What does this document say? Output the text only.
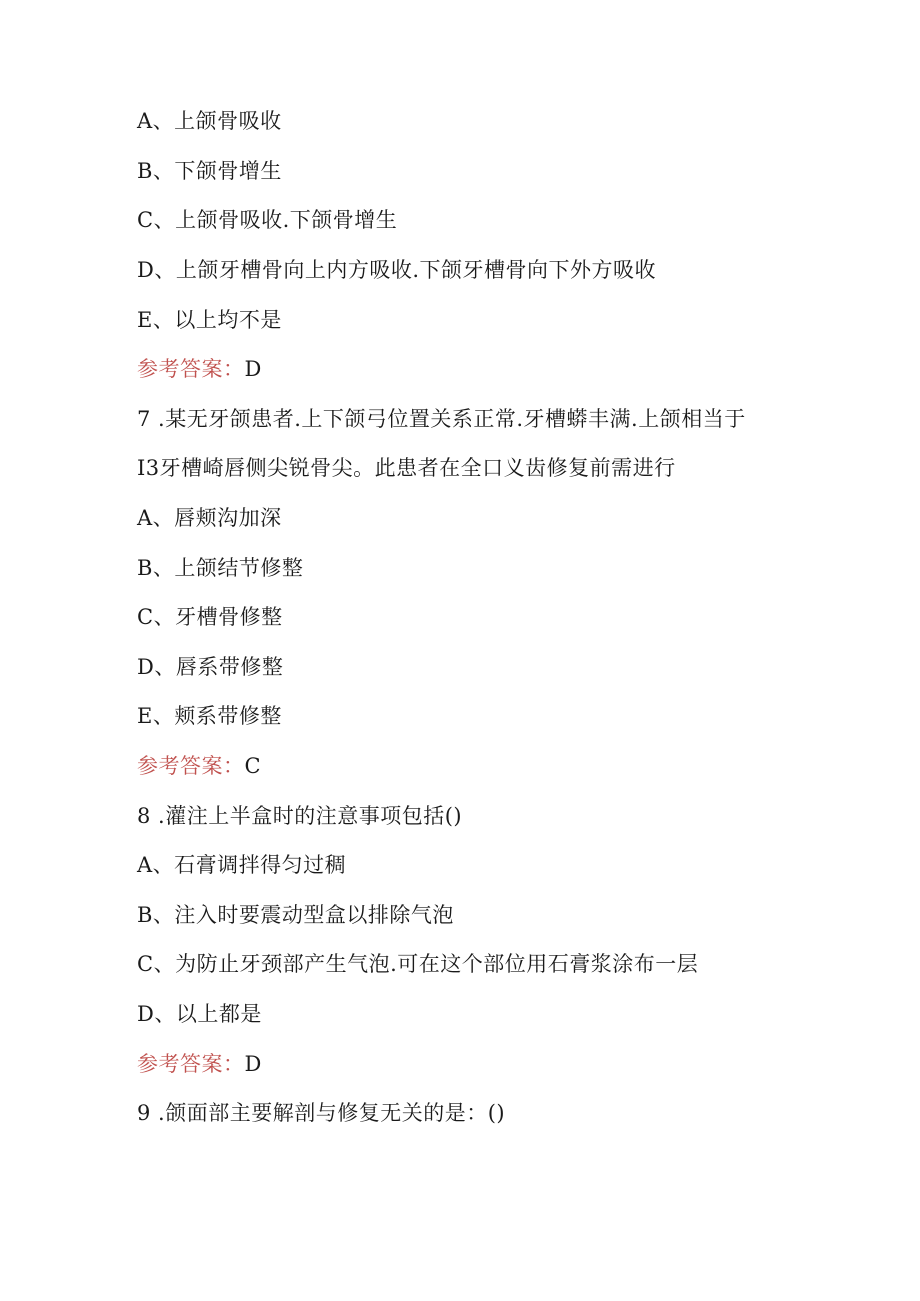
A、上颌骨吸收
B、下颌骨增生
C、上颌骨吸收.下颌骨增生
D、上颌牙槽骨向上内方吸收.下颌牙槽骨向下外方吸收
E、以上均不是
参考答案：D
7 .某无牙颌患者.上下颌弓位置关系正常.牙槽蟒丰满.上颌相当于
I3牙槽崎唇侧尖锐骨尖。此患者在全口义齿修复前需进行
A、唇颊沟加深
B、上颌结节修整
C、牙槽骨修整
D、唇系带修整
E、颊系带修整
参考答案：C
8 .灌注上半盒时的注意事项包括()
A、石膏调拌得匀过稠
B、注入时要震动型盒以排除气泡
C、为防止牙颈部产生气泡.可在这个部位用石膏浆涂布一层
D、以上都是
参考答案：D
9 .颌面部主要解剖与修复无关的是：()
